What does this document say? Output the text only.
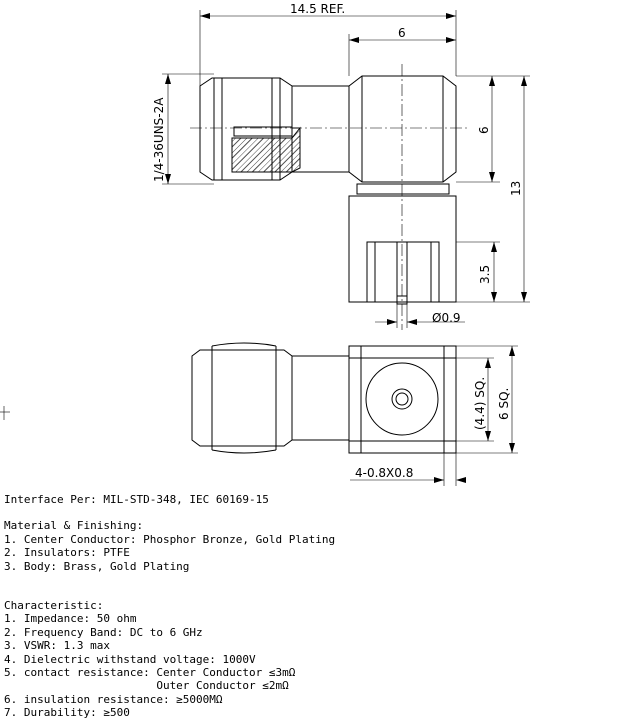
14.5 REF.
6
1/4-36UNS-2A	6
13
3.5
Ø0.9
(4.4) SQ. 6 SQ.
4-0.8X0.8
Interface Per: MIL-STD-348, IEC 60169-15
Material & Finishing:
1. Center Conductor: Phosphor Bronze, Gold Plating
2. Insulators: PTFE
3. Body: Brass, Gold Plating
Characteristic:
1. Impedance: 50 ohm
2. Frequency Band: DC to 6 GHz
3. VSWR: 1.3 max
4. Dielectric withstand voltage: 1000V
5. contact resistance: Center Conductor ≤3mΩ
Outer Conductor ≤2mΩ
6. insulation resistance: ≥5000MΩ
7. Durability: ≥500
